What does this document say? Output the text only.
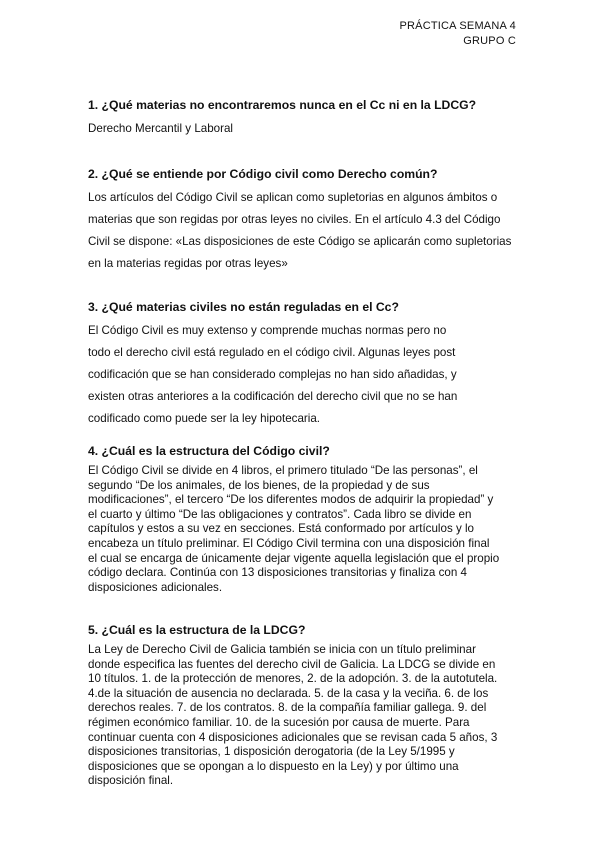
PRÁCTICA SEMANA 4
GRUPO C
1. ¿Qué materias no encontraremos nunca en el Cc ni en la LDCG?
Derecho Mercantil y Laboral
2. ¿Qué se entiende por Código civil como Derecho común?
Los artículos del Código Civil se aplican como supletorias en algunos ámbitos o
materias que son regidas por otras leyes no civiles. En el artículo 4.3 del Código
Civil se dispone: «Las disposiciones de este Código se aplicarán como supletorias
en la materias regidas por otras leyes»
3. ¿Qué materias civiles no están reguladas en el Cc?
El Código Civil es muy extenso y comprende muchas normas pero no
todo el derecho civil está regulado en el código civil. Algunas leyes post
codificación que se han considerado complejas no han sido añadidas, y
existen otras anteriores a la codificación del derecho civil que no se han
codificado como puede ser la ley hipotecaria.
4. ¿Cuál es la estructura del Código civil?
El Código Civil se divide en 4 libros, el primero titulado “De las personas”, el
segundo “De los animales, de los bienes, de la propiedad y de sus
modificaciones”, el tercero “De los diferentes modos de adquirir la propiedad” y
el cuarto y último “De las obligaciones y contratos”. Cada libro se divide en
capítulos y estos a su vez en secciones. Está conformado por artículos y lo
encabeza un título preliminar. El Código Civil termina con una disposición final
el cual se encarga de únicamente dejar vigente aquella legislación que el propio
código declara. Continúa con 13 disposiciones transitorias y finaliza con 4
disposiciones adicionales.
5. ¿Cuál es la estructura de la LDCG?
La Ley de Derecho Civil de Galicia también se inicia con un título preliminar
donde especifica las fuentes del derecho civil de Galicia. La LDCG se divide en
10 títulos. 1. de la protección de menores, 2. de la adopción. 3. de la autotutela.
4.de la situación de ausencia no declarada. 5. de la casa y la veciña. 6. de los
derechos reales. 7. de los contratos. 8. de la compañía familiar gallega. 9. del
régimen económico familiar. 10. de la sucesión por causa de muerte. Para
continuar cuenta con 4 disposiciones adicionales que se revisan cada 5 años, 3
disposiciones transitorias, 1 disposición derogatoria (de la Ley 5/1995 y
disposiciones que se opongan a lo dispuesto en la Ley) y por último una
disposición final.
